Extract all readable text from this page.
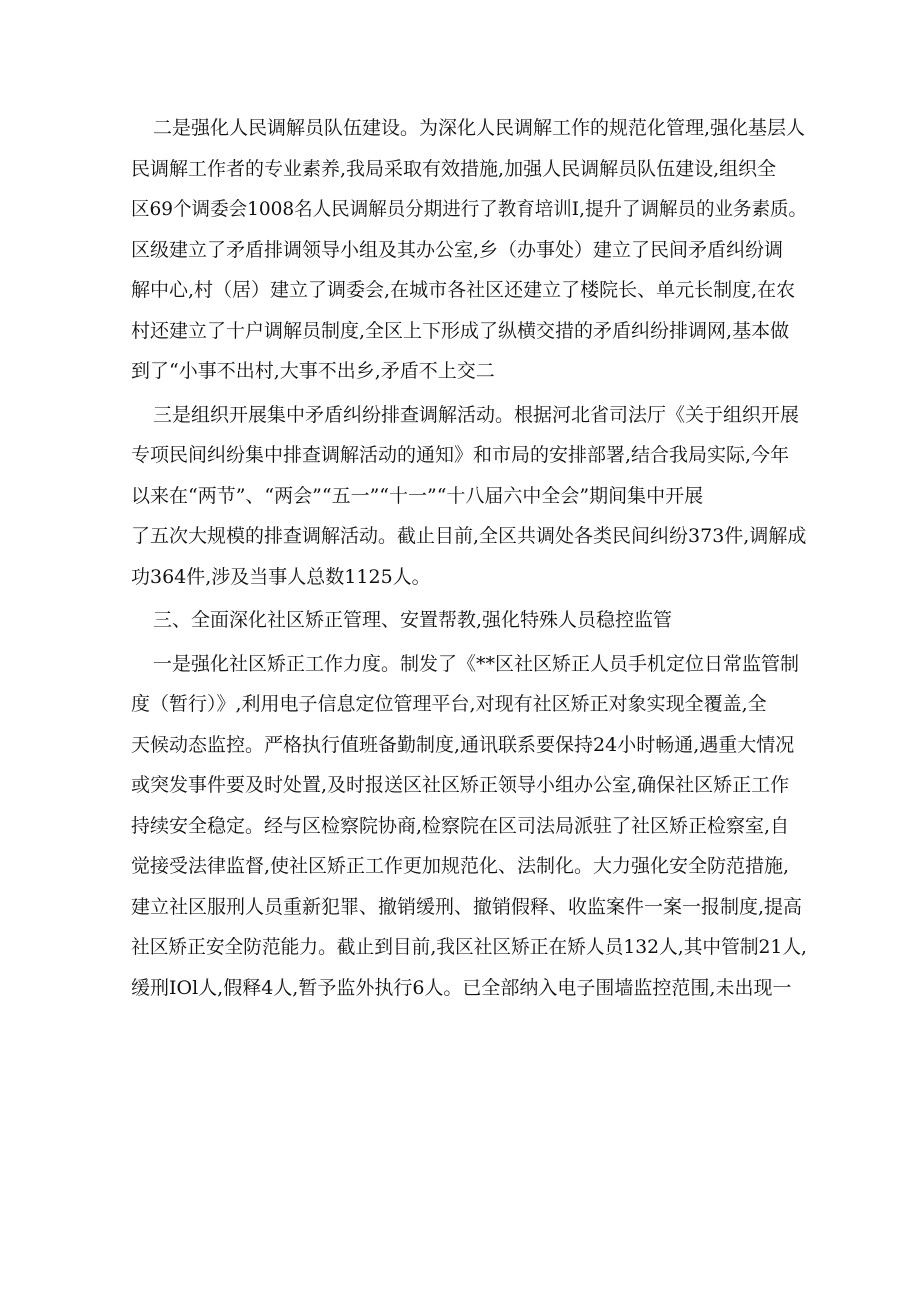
二是强化人民调解员队伍建设。为深化人民调解工作的规范化管理,强化基层人
民调解工作者的专业素养,我局采取有效措施,加强人民调解员队伍建设,组织全
区69个调委会1008名人民调解员分期进行了教育培训I,提升了调解员的业务素质。
区级建立了矛盾排调领导小组及其办公室,乡（办事处）建立了民间矛盾纠纷调
解中心,村（居）建立了调委会,在城市各社区还建立了楼院长、单元长制度,在农
村还建立了十户调解员制度,全区上下形成了纵横交措的矛盾纠纷排调网,基本做
到了“小事不出村,大事不出乡,矛盾不上交二
三是组织开展集中矛盾纠纷排查调解活动。根据河北省司法厅《关于组织开展
专项民间纠纷集中排查调解活动的通知》和市局的安排部署,结合我局实际,今年
以来在“两节”、“两会”“五一”“十一”“十八届六中全会”期间集中开展
了五次大规模的排查调解活动。截止目前,全区共调处各类民间纠纷373件,调解成
功364件,涉及当事人总数1125人。
三、全面深化社区矫正管理、安置帮教,强化特殊人员稳控监管
一是强化社区矫正工作力度。制发了《**区社区矫正人员手机定位日常监管制
度（暂行）》,利用电子信息定位管理平台,对现有社区矫正对象实现全覆盖,全
天候动态监控。严格执行值班备勤制度,通讯联系要保持24小时畅通,遇重大情况
或突发事件要及时处置,及时报送区社区矫正领导小组办公室,确保社区矫正工作
持续安全稳定。经与区检察院协商,检察院在区司法局派驻了社区矫正检察室,自
觉接受法律监督,使社区矫正工作更加规范化、法制化。大力强化安全防范措施,
建立社区服刑人员重新犯罪、撤销缓刑、撤销假释、收监案件一案一报制度,提高
社区矫正安全防范能力。截止到目前,我区社区矫正在矫人员132人,其中管制21人,
缓刑IOl人,假释4人,暂予监外执行6人。已全部纳入电子围墙监控范围,未出现一
